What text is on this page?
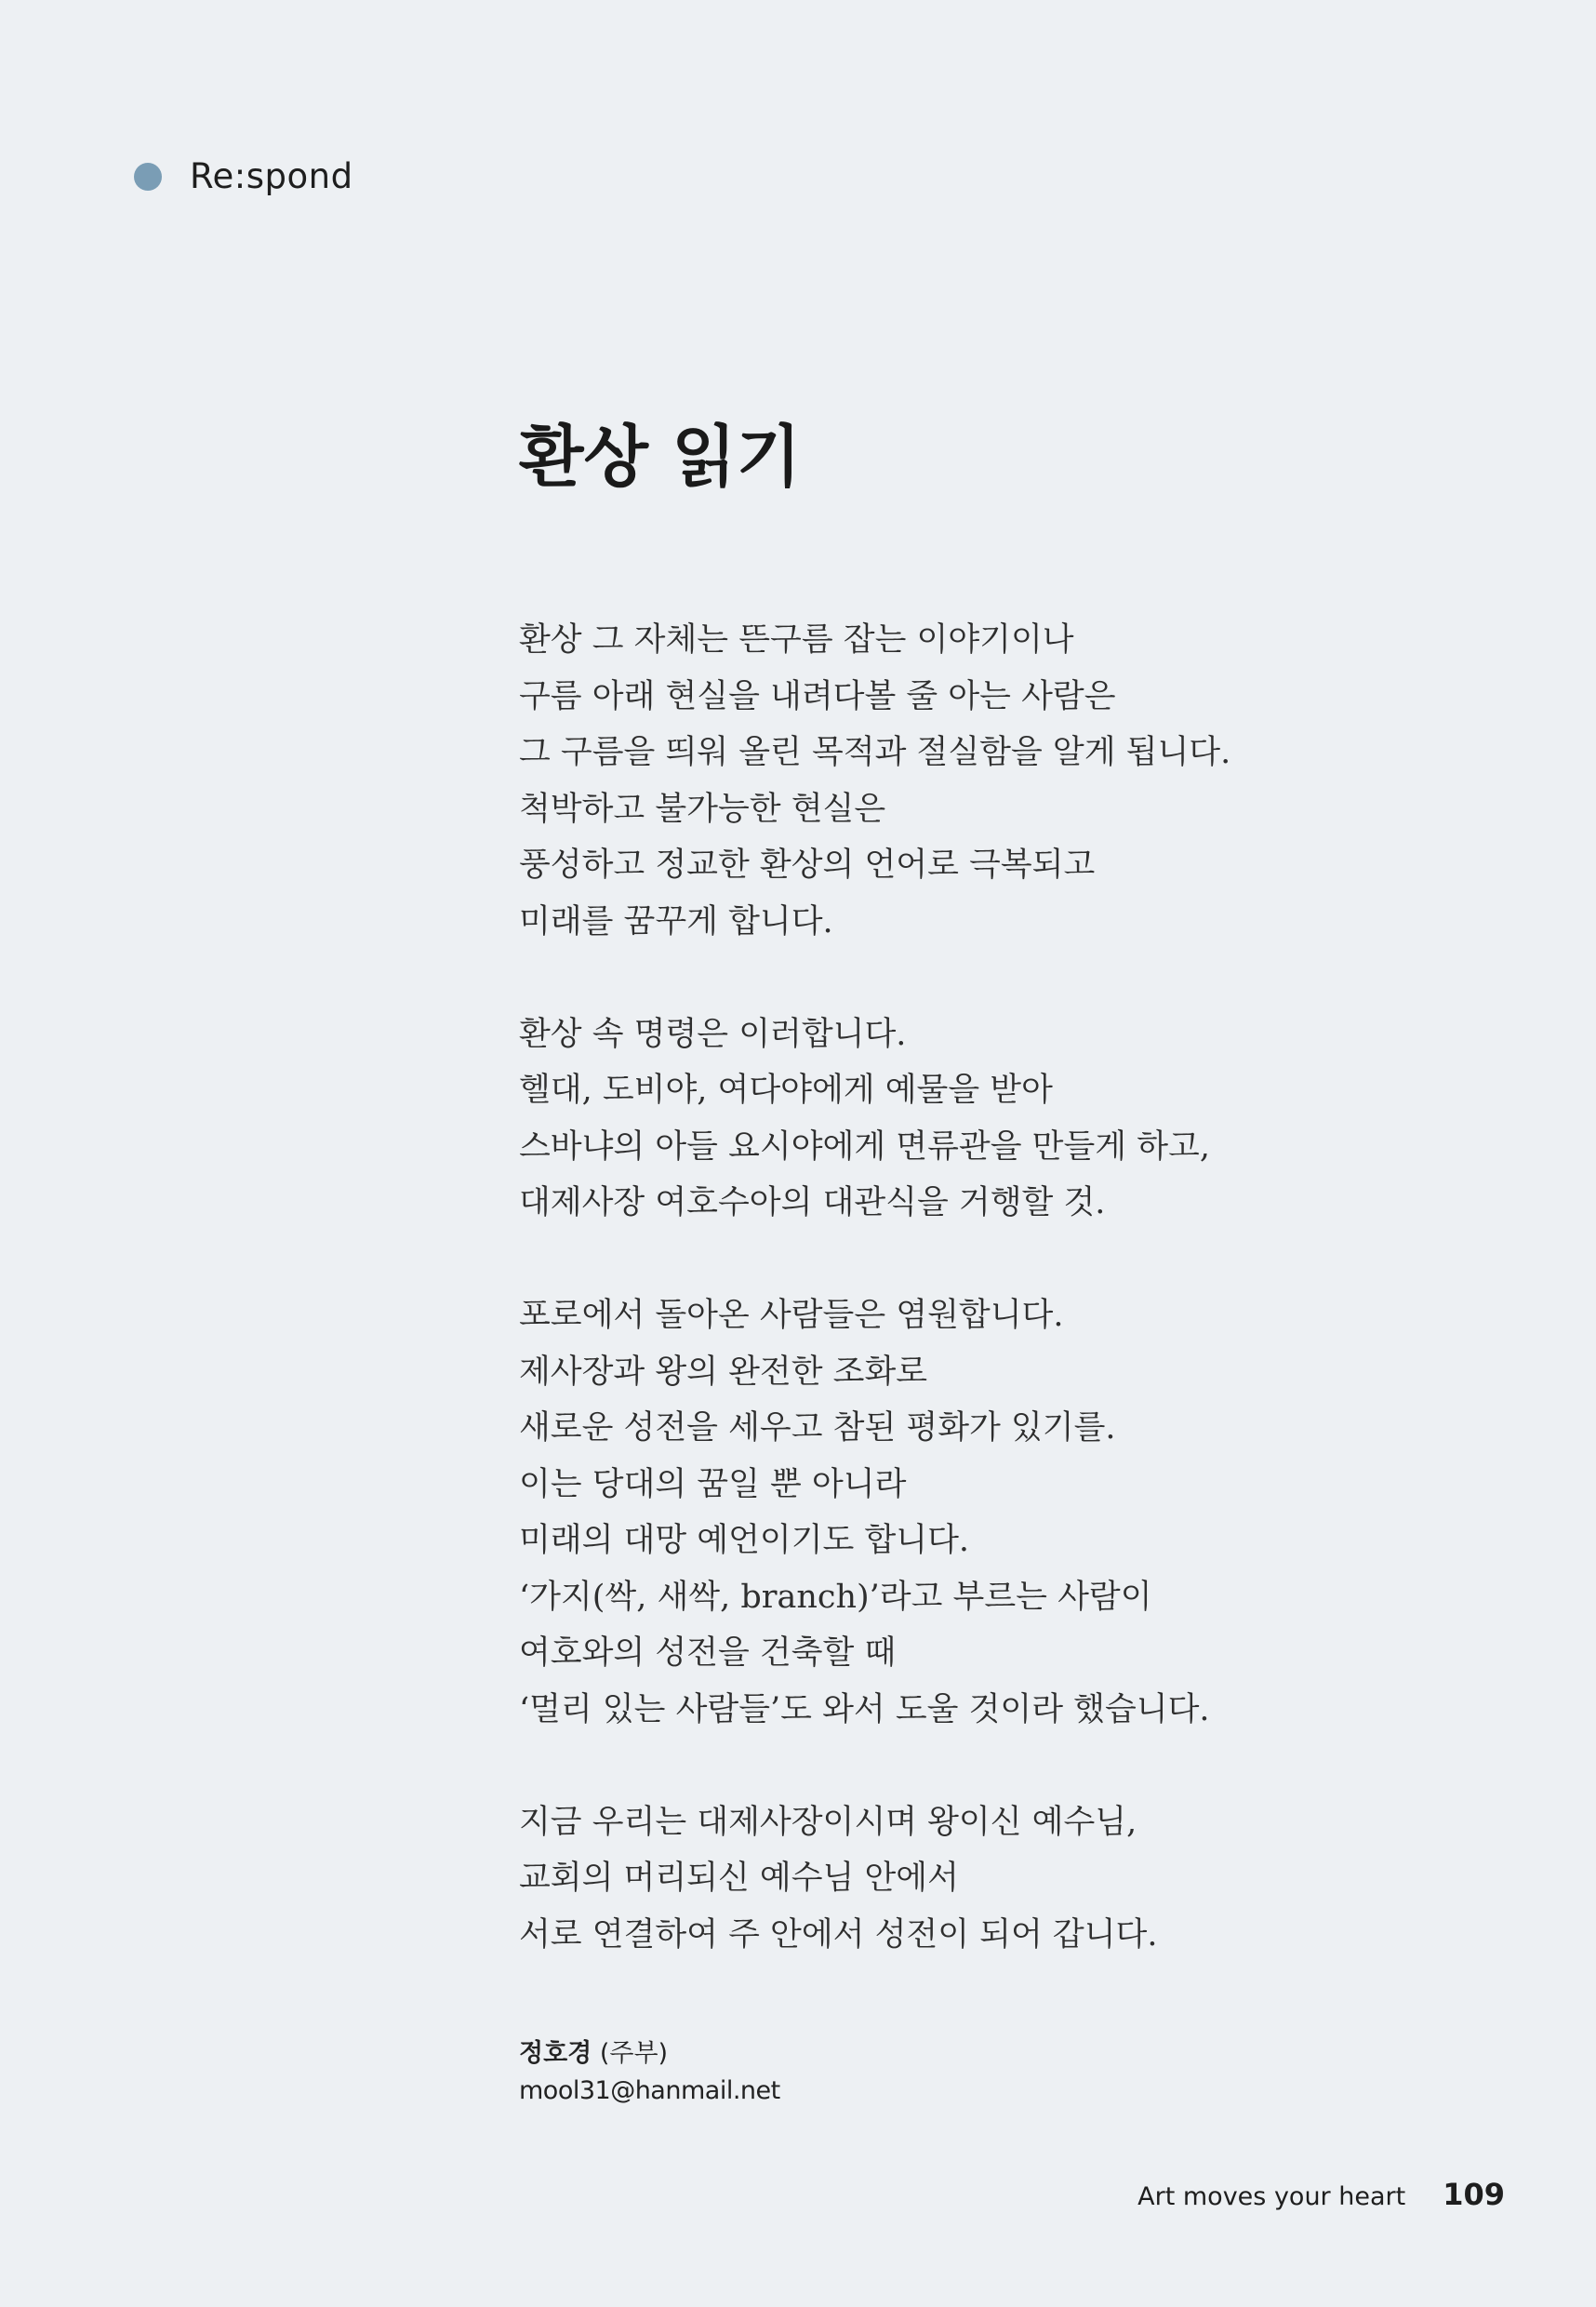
Re:spond
환상 읽기
환상 그 자체는 뜬구름 잡는 이야기이나
구름 아래 현실을 내려다볼 줄 아는 사람은
그 구름을 띄워 올린 목적과 절실함을 알게 됩니다.
척박하고 불가능한 현실은
풍성하고 정교한 환상의 언어로 극복되고
미래를 꿈꾸게 합니다.
환상 속 명령은 이러합니다.
헬대, 도비야, 여다야에게 예물을 받아
스바냐의 아들 요시야에게 면류관을 만들게 하고,
대제사장 여호수아의 대관식을 거행할 것.
포로에서 돌아온 사람들은 염원합니다.
제사장과 왕의 완전한 조화로
새로운 성전을 세우고 참된 평화가 있기를.
이는 당대의 꿈일 뿐 아니라
미래의 대망 예언이기도 합니다.
‘가지(싹, 새싹, branch)’라고 부르는 사람이
여호와의 성전을 건축할 때
‘멀리 있는 사람들’도 와서 도울 것이라 했습니다.
지금 우리는 대제사장이시며 왕이신 예수님,
교회의 머리되신 예수님 안에서
서로 연결하여 주 안에서 성전이 되어 갑니다.
정호경 (주부)
mool31@hanmail.net
Art moves your heart 109
